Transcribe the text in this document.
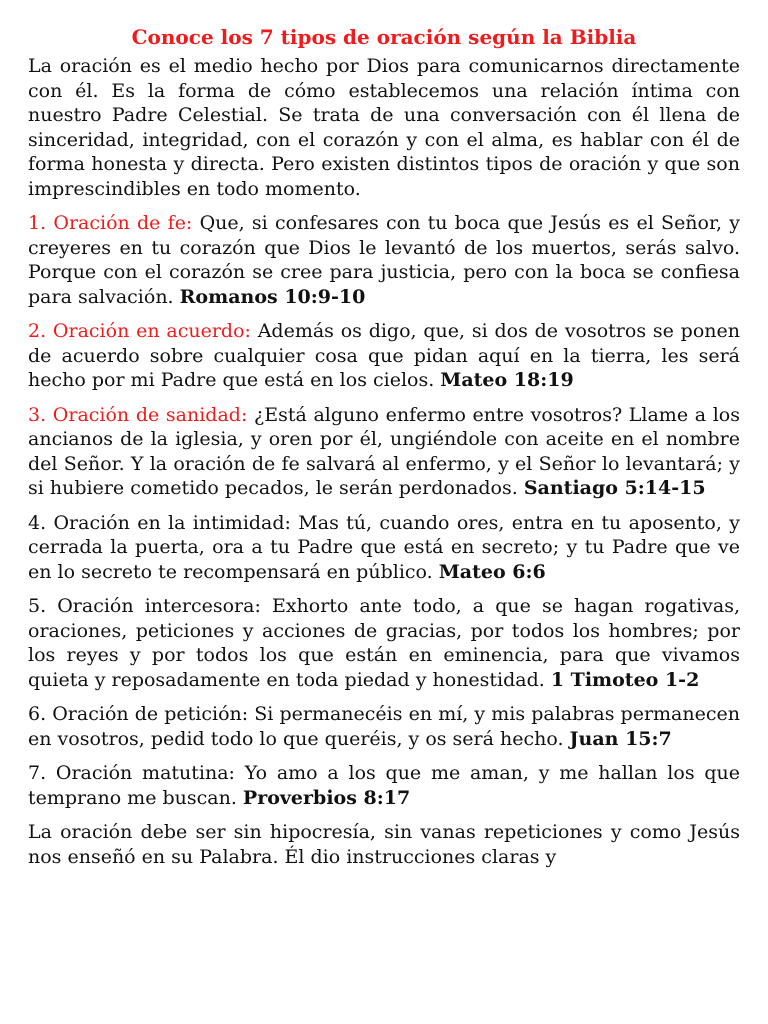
Conoce los 7 tipos de oración según la Biblia

La oración es el medio hecho por Dios para comunicarnos directamente con él. Es la forma de cómo establecemos una relación íntima con nuestro Padre Celestial. Se trata de una conversación con él llena de sinceridad, integridad, con el corazón y con el alma, es hablar con él de forma honesta y directa. Pero existen distintos tipos de oración y que son imprescindibles en todo momento.

1. Oración de fe: Que, si confesares con tu boca que Jesús es el Señor, y creyeres en tu corazón que Dios le levantó de los muertos, serás salvo. Porque con el corazón se cree para justicia, pero con la boca se confiesa para salvación. Romanos 10:9-10

2. Oración en acuerdo: Además os digo, que, si dos de vosotros se ponen de acuerdo sobre cualquier cosa que pidan aquí en la tierra, les será hecho por mi Padre que está en los cielos. Mateo 18:19

3. Oración de sanidad: ¿Está alguno enfermo entre vosotros? Llame a los ancianos de la iglesia, y oren por él, ungiéndole con aceite en el nombre del Señor. Y la oración de fe salvará al enfermo, y el Señor lo levantará; y si hubiere cometido pecados, le serán perdonados. Santiago 5:14-15

4. Oración en la intimidad: Mas tú, cuando ores, entra en tu aposento, y cerrada la puerta, ora a tu Padre que está en secreto; y tu Padre que ve en lo secreto te recompensará en público. Mateo 6:6

5. Oración intercesora: Exhorto ante todo, a que se hagan rogativas, oraciones, peticiones y acciones de gracias, por todos los hombres; por los reyes y por todos los que están en eminencia, para que vivamos quieta y reposadamente en toda piedad y honestidad. 1 Timoteo 1-2

6. Oración de petición: Si permanecéis en mí, y mis palabras permanecen en vosotros, pedid todo lo que queréis, y os será hecho. Juan 15:7

7. Oración matutina: Yo amo a los que me aman, y me hallan los que temprano me buscan. Proverbios 8:17

La oración debe ser sin hipocresía, sin vanas repeticiones y como Jesús nos enseñó en su Palabra. Él dio instrucciones claras y
